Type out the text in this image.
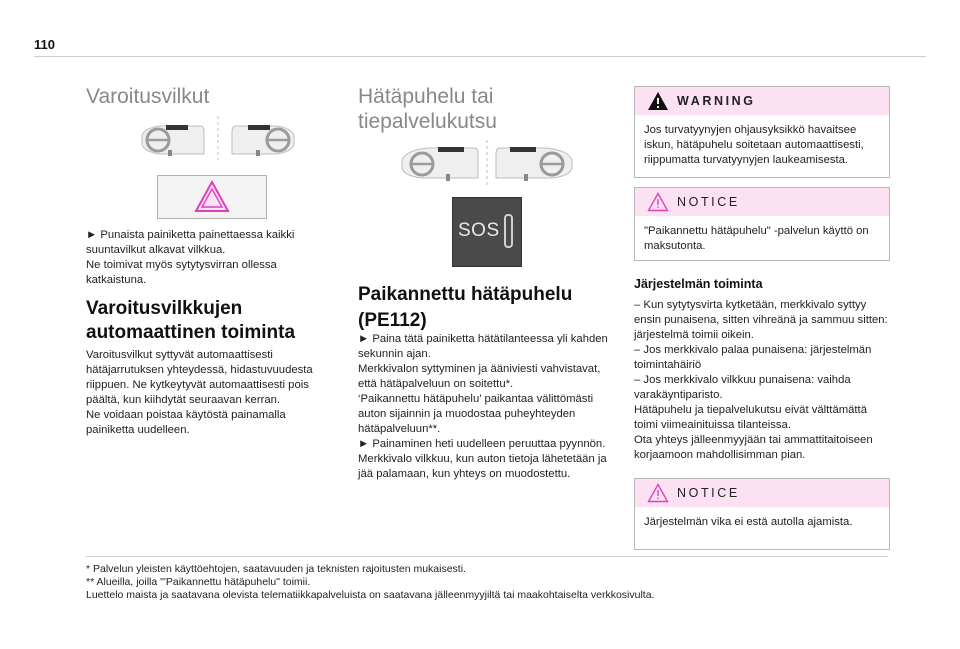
110
Varoitusvilkut

► Punaista painiketta painettaessa kaikki suuntavilkut alkavat vilkkua.

Ne toimivat myös sytytysvirran ollessa katkaistuna.

Varoitusvilkkujen automaattinen toiminta

Varoitusvilkut syttyvät automaattisesti hätäjarrutuksen yhteydessä, hidastuvuudesta riippuen. Ne kytkeytyvät automaattisesti pois päältä, kun kiihdytät seuraavan kerran.

Ne voidaan poistaa käytöstä painamalla painiketta uudelleen.

Hätäpuhelu tai tiepalvelukutsu
SOS
Paikannettu hätäpuhelu (PE112)

► Paina tätä painiketta hätätilanteessa yli kahden sekunnin ajan.

Merkkivalon syttyminen ja ääniviesti vahvistavat, että hätäpalveluun on soitettu*.

‘Paikannettu hätäpuhelu’ paikantaa välittömästi auton sijainnin ja muodostaa puheyhteyden hätäpalveluun**.

► Painaminen heti uudelleen peruuttaa pyynnön.

Merkkivalo vilkkuu, kun auton tietoja lähetetään ja jää palamaan, kun yhteys on muodostettu.

WARNING
Jos turvatyynyjen ohjausyksikkö havaitsee iskun, hätäpuhelu soitetaan automaattisesti, riippumatta turvatyynyjen laukeamisesta.
NOTICE
"Paikannettu hätäpuhelu" -palvelun käyttö on maksutonta.
Järjestelmän toiminta

– Kun sytytysvirta kytketään, merkkivalo syttyy ensin punaisena, sitten vihreänä ja sammuu sitten: järjestelmä toimii oikein.

– Jos merkkivalo palaa punaisena: järjestelmän toimintahäiriö

– Jos merkkivalo vilkkuu punaisena: vaihda varakäyntiparisto.

Hätäpuhelu ja tiepalvelukutsu eivät välttämättä toimi viimeainituissa tilanteissa.

Ota yhteys jälleenmyyjään tai ammattitaitoiseen korjaamoon mahdollisimman pian.

NOTICE
Järjestelmän vika ei estä autolla ajamista.

* Palvelun yleisten käyttöehtojen, saatavuuden ja teknisten rajoitusten mukaisesti.

** Alueilla, joilla "'Paikannettu hätäpuhelu" toimii.

Luettelo maista ja saatavana olevista telematiikkapalveluista on saatavana jälleenmyyjiltä tai maakohtaiselta verkkosivulta.
